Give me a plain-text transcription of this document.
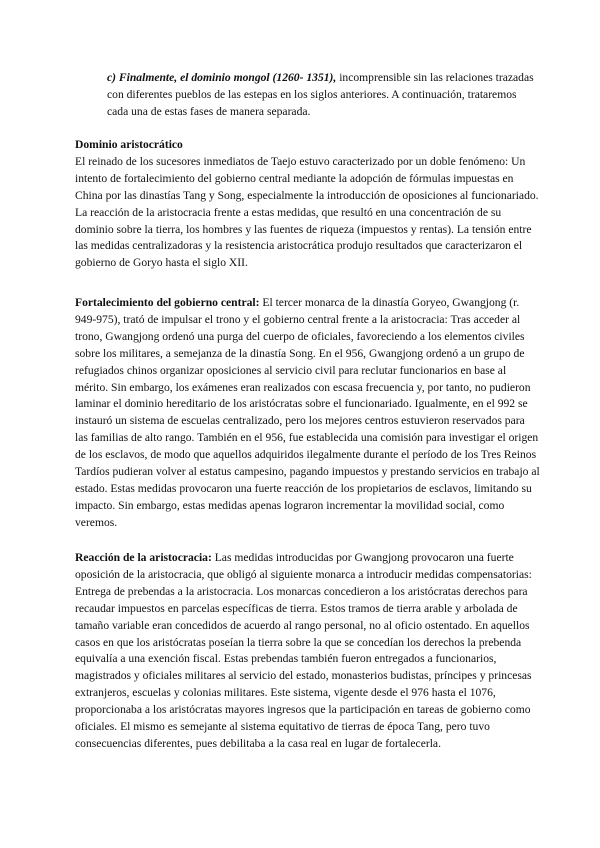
c) Finalmente, el dominio mongol (1260- 1351), incomprensible sin las relaciones trazadas con diferentes pueblos de las estepas en los siglos anteriores. A continuación, trataremos cada una de estas fases de manera separada.

Dominio aristocrático

El reinado de los sucesores inmediatos de Taejo estuvo caracterizado por un doble fenómeno: Un intento de fortalecimiento del gobierno central mediante la adopción de fórmulas impuestas en China por las dinastías Tang y Song, especialmente la introducción de oposiciones al funcionariado.

La reacción de la aristocracia frente a estas medidas, que resultó en una concentración de su dominio sobre la tierra, los hombres y las fuentes de riqueza (impuestos y rentas). La tensión entre las medidas centralizadoras y la resistencia aristocrática produjo resultados que caracterizaron el gobierno de Goryo hasta el siglo XII.

Fortalecimiento del gobierno central: El tercer monarca de la dinastía Goryeo, Gwangjong (r. 949-975), trató de impulsar el trono y el gobierno central frente a la aristocracia: Tras acceder al trono, Gwangjong ordenó una purga del cuerpo de oficiales, favoreciendo a los elementos civiles sobre los militares, a semejanza de la dinastía Song. En el 956, Gwangjong ordenó a un grupo de refugiados chinos organizar oposiciones al servicio civil para reclutar funcionarios en base al mérito. Sin embargo, los exámenes eran realizados con escasa frecuencia y, por tanto, no pudieron laminar el dominio hereditario de los aristócratas sobre el funcionariado. Igualmente, en el 992 se instauró un sistema de escuelas centralizado, pero los mejores centros estuvieron reservados para las familias de alto rango. También en el 956, fue establecida una comisión para investigar el origen de los esclavos, de modo que aquellos adquiridos ilegalmente durante el período de los Tres Reinos Tardíos pudieran volver al estatus campesino, pagando impuestos y prestando servicios en trabajo al estado. Estas medidas provocaron una fuerte reacción de los propietarios de esclavos, limitando su impacto. Sin embargo, estas medidas apenas lograron incrementar la movilidad social, como veremos.

Reacción de la aristocracia: Las medidas introducidas por Gwangjong provocaron una fuerte oposición de la aristocracia, que obligó al siguiente monarca a introducir medidas compensatorias: Entrega de prebendas a la aristocracia. Los monarcas concedieron a los aristócratas derechos para recaudar impuestos en parcelas específicas de tierra. Estos tramos de tierra arable y arbolada de tamaño variable eran concedidos de acuerdo al rango personal, no al oficio ostentado. En aquellos casos en que los aristócratas poseían la tierra sobre la que se concedían los derechos la prebenda equivalía a una exención fiscal. Estas prebendas también fueron entregados a funcionarios, magistrados y oficiales militares al servicio del estado, monasterios budistas, príncipes y princesas extranjeros, escuelas y colonias militares. Este sistema, vigente desde el 976 hasta el 1076, proporcionaba a los aristócratas mayores ingresos que la participación en tareas de gobierno como oficiales. El mismo es semejante al sistema equitativo de tierras de época Tang, pero tuvo consecuencias diferentes, pues debilitaba a la casa real en lugar de fortalecerla.
